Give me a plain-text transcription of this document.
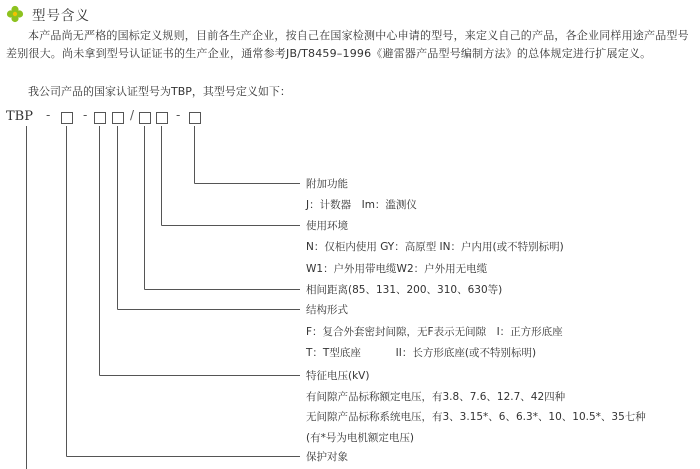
型号含义
本产品尚无严格的国标定义规则，目前各生产企业，按自己在国家检测中心申请的型号，来定义自己的产品，各企业同样用途产品型号差别很大。尚未拿到型号认证证书的生产企业，通常参考JB/T8459–1996《避雷器产品型号编制方法》的总体规定进行扩展定义。
我公司产品的国家认证型号为TBP，其型号定义如下：
TBP -	-	/	-
附加功能
J：计数器　Im：滥测仪
使用环境
N：仅柜内使用 GY：高原型 IN：户内用(或不特别标明)
W1：户外用带电缆W2：户外用无电缆
相间距离(85、131、200、310、630等)
结构形式
F：复合外套密封间隙，无F表示无间隙　I：正方形底座
T：T型底座　　　 II：长方形底座(或不特别标明)
特征电压(kV)
有间隙产品标称额定电压，有3.8、7.6、12.7、42四种
无间隙产品标称系统电压，有3、3.15*、6、6.3*、10、10.5*、35七种
(有*号为电机额定电压)
保护对象
